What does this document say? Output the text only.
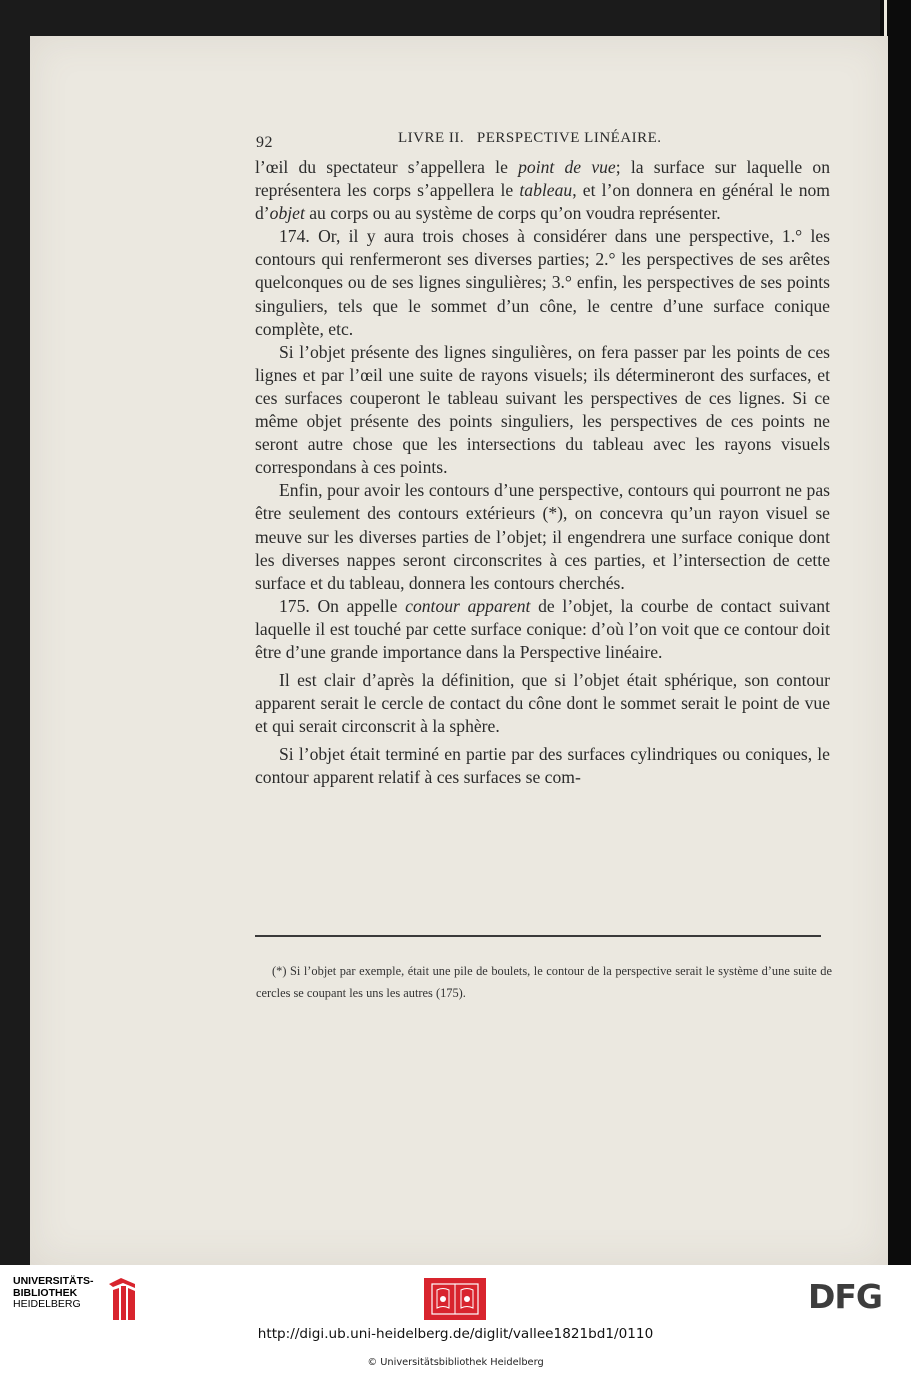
92	LIVRE II.   PERSPECTIVE LINÉAIRE.

l’œil du spectateur s’appellera le point de vue; la surface sur laquelle on représentera les corps s’appellera le tableau, et l’on donnera en général le nom d’objet au corps ou au système de corps qu’on voudra représenter.

174. Or, il y aura trois choses à considérer dans une perspective, 1.° les contours qui renfermeront ses diverses parties; 2.° les perspectives de ses arêtes quelconques ou de ses lignes singulières; 3.° enfin, les perspectives de ses points singuliers, tels que le sommet d’un cône, le centre d’une surface conique complète, etc.

Si l’objet présente des lignes singulières, on fera passer par les points de ces lignes et par l’œil une suite de rayons visuels; ils détermineront des surfaces, et ces surfaces couperont le tableau suivant les perspectives de ces lignes. Si ce même objet présente des points singuliers, les perspectives de ces points ne seront autre chose que les intersections du tableau avec les rayons visuels correspondans à ces points.

Enfin, pour avoir les contours d’une perspective, contours qui pourront ne pas être seulement des contours extérieurs (*), on concevra qu’un rayon visuel se meuve sur les diverses parties de l’objet; il engendrera une surface conique dont les diverses nappes seront circonscrites à ces parties, et l’intersection de cette surface et du tableau, donnera les contours cherchés.

175. On appelle contour apparent de l’objet, la courbe de contact suivant laquelle il est touché par cette surface conique: d’où l’on voit que ce contour doit être d’une grande importance dans la Perspective linéaire.

Il est clair d’après la définition, que si l’objet était sphérique, son contour apparent serait le cercle de contact du cône dont le sommet serait le point de vue et qui serait circonscrit à la sphère.

Si l’objet était terminé en partie par des surfaces cylindriques ou coniques, le contour apparent relatif à ces surfaces se com-

(*) Si l’objet par exemple, était une pile de boulets, le contour de la perspective serait le système d’une suite de cercles se coupant les uns les autres (175).

UNIVERSITÄTS-
BIBLIOTHEK
HEIDELBERG	DFG
http://digi.ub.uni-heidelberg.de/diglit/vallee1821bd1/0110
© Universitätsbibliothek Heidelberg
